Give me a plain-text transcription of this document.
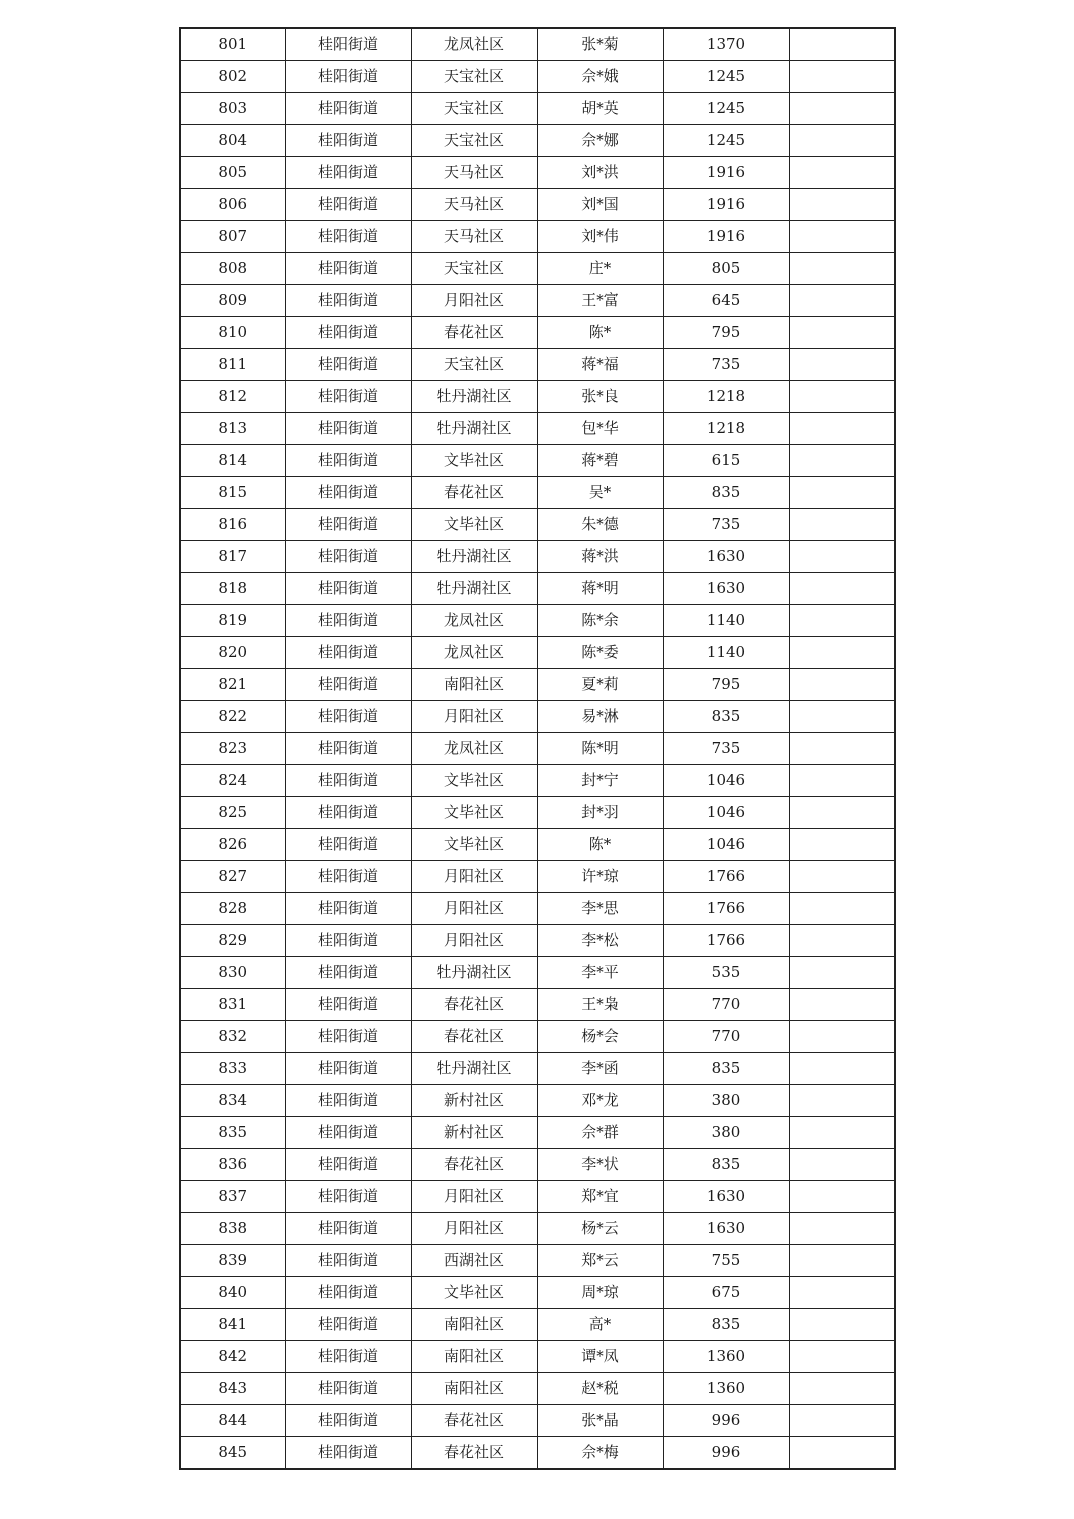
801	桂阳街道	龙凤社区	张*菊	1370	
802	桂阳街道	天宝社区	佘*娥	1245	
803	桂阳街道	天宝社区	胡*英	1245	
804	桂阳街道	天宝社区	佘*娜	1245	
805	桂阳街道	天马社区	刘*洪	1916	
806	桂阳街道	天马社区	刘*国	1916	
807	桂阳街道	天马社区	刘*伟	1916	
808	桂阳街道	天宝社区	庄*	805	
809	桂阳街道	月阳社区	王*富	645	
810	桂阳街道	春花社区	陈*	795	
811	桂阳街道	天宝社区	蒋*福	735	
812	桂阳街道	牡丹湖社区	张*良	1218	
813	桂阳街道	牡丹湖社区	包*华	1218	
814	桂阳街道	文毕社区	蒋*碧	615	
815	桂阳街道	春花社区	吴*	835	
816	桂阳街道	文毕社区	朱*德	735	
817	桂阳街道	牡丹湖社区	蒋*洪	1630	
818	桂阳街道	牡丹湖社区	蒋*明	1630	
819	桂阳街道	龙凤社区	陈*余	1140	
820	桂阳街道	龙凤社区	陈*委	1140	
821	桂阳街道	南阳社区	夏*莉	795	
822	桂阳街道	月阳社区	易*淋	835	
823	桂阳街道	龙凤社区	陈*明	735	
824	桂阳街道	文毕社区	封*宁	1046	
825	桂阳街道	文毕社区	封*羽	1046	
826	桂阳街道	文毕社区	陈*	1046	
827	桂阳街道	月阳社区	许*琼	1766	
828	桂阳街道	月阳社区	李*思	1766	
829	桂阳街道	月阳社区	李*松	1766	
830	桂阳街道	牡丹湖社区	李*平	535	
831	桂阳街道	春花社区	王*枭	770	
832	桂阳街道	春花社区	杨*会	770	
833	桂阳街道	牡丹湖社区	李*函	835	
834	桂阳街道	新村社区	邓*龙	380	
835	桂阳街道	新村社区	佘*群	380	
836	桂阳街道	春花社区	李*状	835	
837	桂阳街道	月阳社区	郑*宜	1630	
838	桂阳街道	月阳社区	杨*云	1630	
839	桂阳街道	西湖社区	郑*云	755	
840	桂阳街道	文毕社区	周*琼	675	
841	桂阳街道	南阳社区	高*	835	
842	桂阳街道	南阳社区	谭*凤	1360	
843	桂阳街道	南阳社区	赵*税	1360	
844	桂阳街道	春花社区	张*晶	996	
845	桂阳街道	春花社区	佘*梅	996	
